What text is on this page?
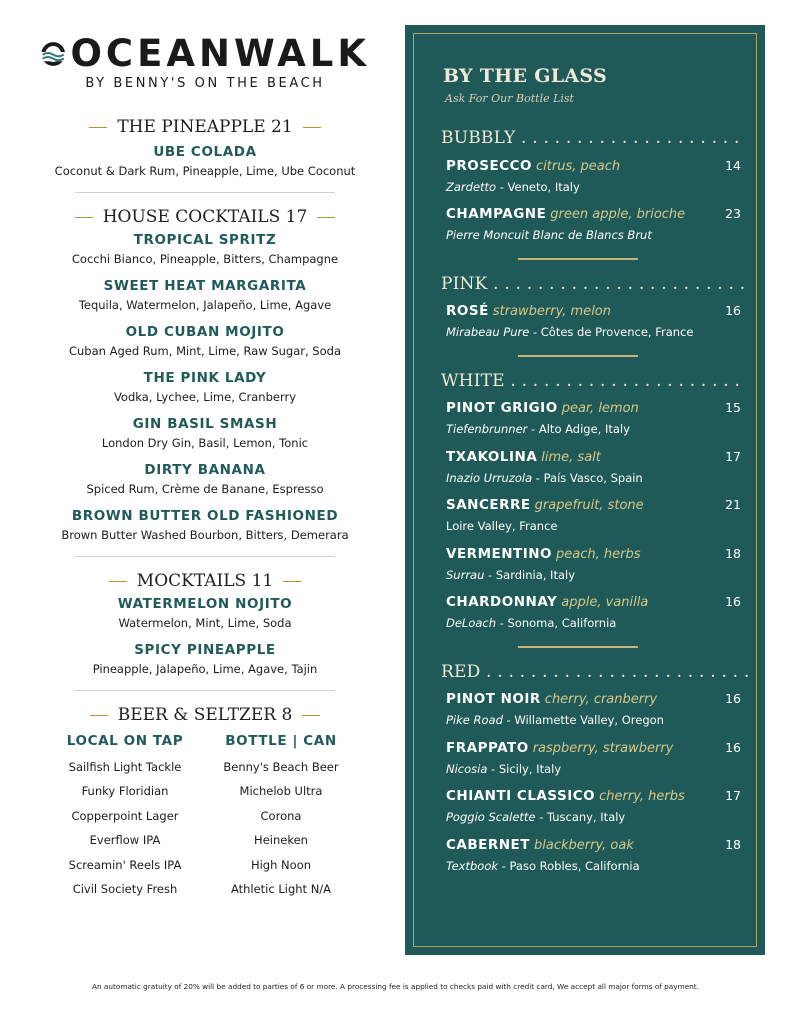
OCEANWALK
BY BENNY'S ON THE BEACH
THE PINEAPPLE 21
UBE COLADA
Coconut & Dark Rum, Pineapple, Lime, Ube Coconut
HOUSE COCKTAILS 17
TROPICAL SPRITZ
Cocchi Bianco, Pineapple, Bitters, Champagne
SWEET HEAT MARGARITA
Tequila, Watermelon, Jalapeño, Lime, Agave
OLD CUBAN MOJITO
Cuban Aged Rum, Mint, Lime, Raw Sugar, Soda
THE PINK LADY
Vodka, Lychee, Lime, Cranberry
GIN BASIL SMASH
London Dry Gin, Basil, Lemon, Tonic
DIRTY BANANA
Spiced Rum, Crème de Banane, Espresso
BROWN BUTTER OLD FASHIONED
Brown Butter Washed Bourbon, Bitters, Demerara
MOCKTAILS 11
WATERMELON NOJITO
Watermelon, Mint, Lime, Soda
SPICY PINEAPPLE
Pineapple, Jalapeño, Lime, Agave, Tajin
BEER & SELTZER 8
LOCAL ON TAP
Sailfish Light Tackle
Funky Floridian
Copperpoint Lager
Everflow IPA
Screamin' Reels IPA
Civil Society Fresh
BOTTLE | CAN
Benny's Beach Beer
Michelob Ultra
Corona
Heineken
High Noon
Athletic Light N/A
BY THE GLASS
Ask For Our Bottle List
BUBBLY . . . . . . . . . . . . . . . . . . . .
PROSECCO citrus, peach
Zardetto - Veneto, Italy
14
CHAMPAGNE green apple, brioche
Pierre Moncuit Blanc de Blancs Brut
23
PINK . . . . . . . . . . . . . . . . . . . . . . .
ROSÉ strawberry, melon
Mirabeau Pure - Côtes de Provence, France
16
WHITE . . . . . . . . . . . . . . . . . . . . .
PINOT GRIGIO pear, lemon
Tiefenbrunner - Alto Adige, Italy
15
TXAKOLINA lime, salt
Inazio Urruzola - País Vasco, Spain
17
SANCERRE grapefruit, stone
Loire Valley, France
21
VERMENTINO peach, herbs
Surrau - Sardinia, Italy
18
CHARDONNAY apple, vanilla
DeLoach - Sonoma, California
16
RED . . . . . . . . . . . . . . . . . . . . . . . .
PINOT NOIR cherry, cranberry
Pike Road - Willamette Valley, Oregon
16
FRAPPATO raspberry, strawberry
Nicosia - Sicily, Italy
16
CHIANTI CLASSICO cherry, herbs
Poggio Scalette - Tuscany, Italy
17
CABERNET blackberry, oak
Textbook - Paso Robles, California
18
An automatic gratuity of 20% will be added to parties of 6 or more. A processing fee is applied to checks paid with credit card, We accept all major forms of payment.
